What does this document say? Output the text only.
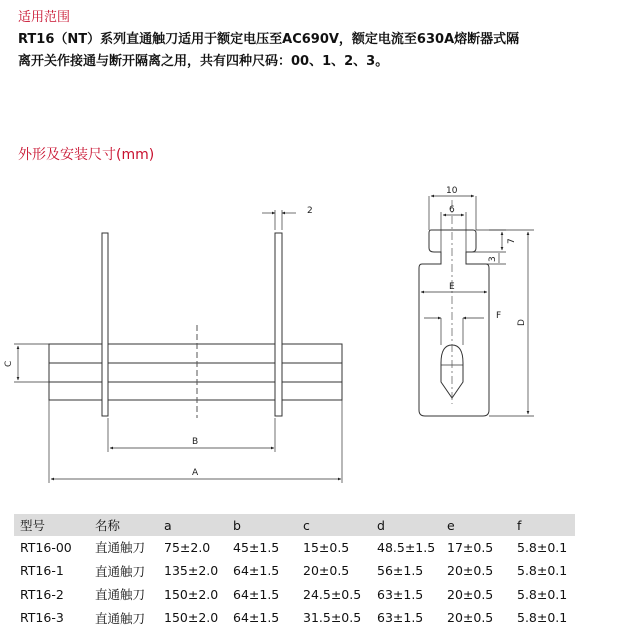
适用范围
RT16（NT）系列直通触刀适用于额定电压至AC690V，额定电流至630A熔断器式隔
离开关作接通与断开隔离之用，共有四种尺码：00、1、2、3。
外形及安装尺寸(mm)
A
B
C
2
10
6
7
3
E
F
D
型号	名称	a	b	c	d	e	f
RT16-00	直通触刀	75±2.0	45±1.5	15±0.5	48.5±1.5	17±0.5	5.8±0.1
RT16-1	直通触刀	135±2.0	64±1.5	20±0.5	56±1.5	20±0.5	5.8±0.1
RT16-2	直通触刀	150±2.0	64±1.5	24.5±0.5	63±1.5	20±0.5	5.8±0.1
RT16-3	直通触刀	150±2.0	64±1.5	31.5±0.5	63±1.5	20±0.5	5.8±0.1
